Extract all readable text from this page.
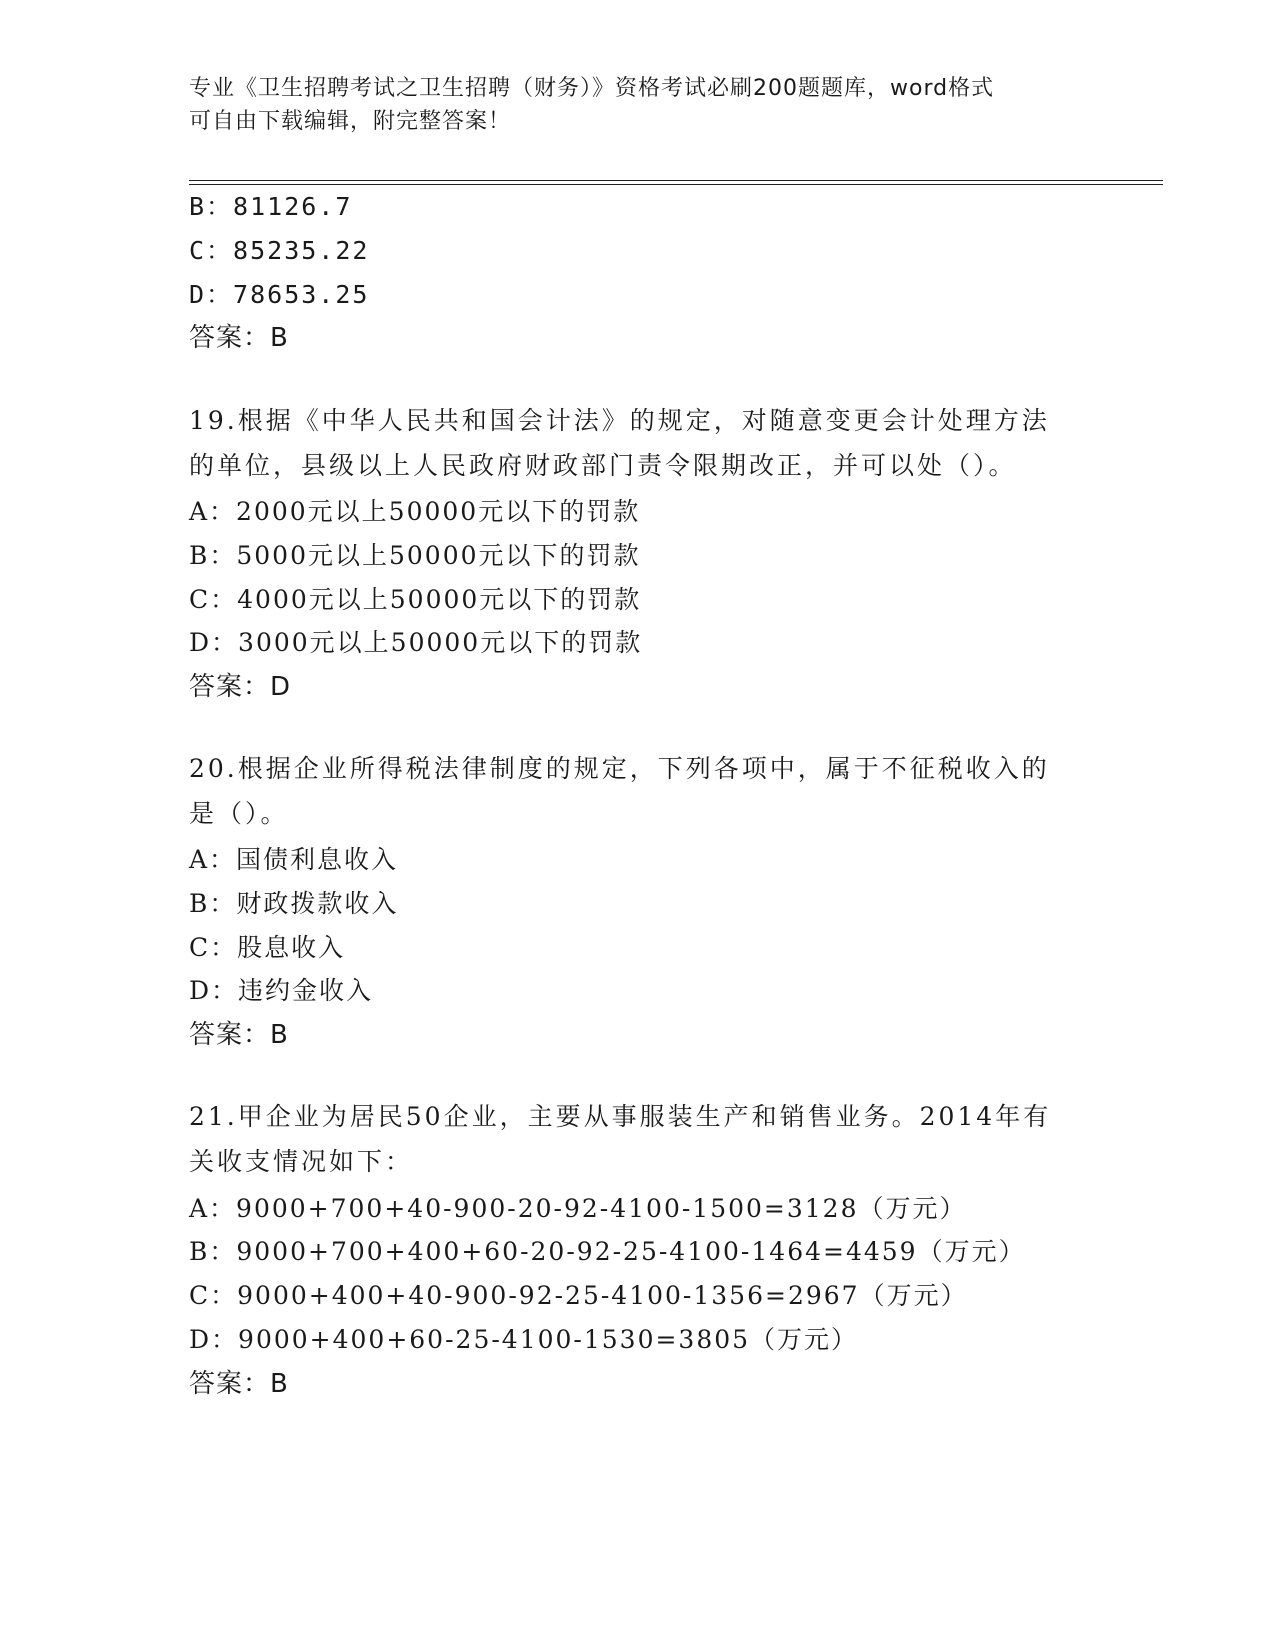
专业《卫生招聘考试之卫生招聘（财务）》资格考试必刷200题题库，word格式
可自由下载编辑，附完整答案！
B：81126.7
C：85235.22
D：78653.25
答案：B
19.根据《中华人民共和国会计法》的规定，对随意变更会计处理方法
的单位，县级以上人民政府财政部门责令限期改正，并可以处（）。
A：2000元以上50000元以下的罚款
B：5000元以上50000元以下的罚款
C：4000元以上50000元以下的罚款
D：3000元以上50000元以下的罚款
答案：D
20.根据企业所得税法律制度的规定，下列各项中，属于不征税收入的
是（）。
A：国债利息收入
B：财政拨款收入
C：股息收入
D：违约金收入
答案：B
21.甲企业为居民50企业，主要从事服装生产和销售业务。2014年有
关收支情况如下：
A：9000+700+40-900-20-92-4100-1500=3128（万元）
B：9000+700+400+60-20-92-25-4100-1464=4459（万元）
C：9000+400+40-900-92-25-4100-1356=2967（万元）
D：9000+400+60-25-4100-1530=3805（万元）
答案：B
